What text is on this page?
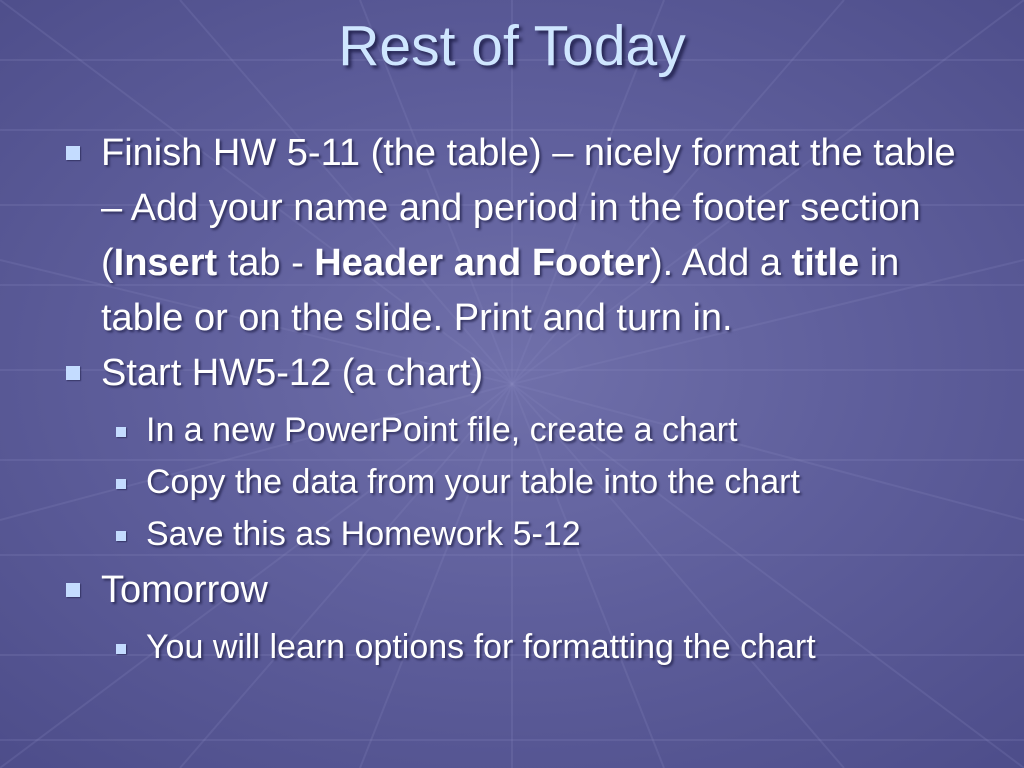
Rest of Today
Finish HW 5-11 (the table) – nicely format the table – Add your name and period in the footer section (Insert tab - Header and Footer). Add a title in table or on the slide. Print and turn in.
Start HW5-12 (a chart)
In a new PowerPoint file, create a chart
Copy the data from your table into the chart
Save this as Homework 5-12
Tomorrow
You will learn options for formatting the chart
